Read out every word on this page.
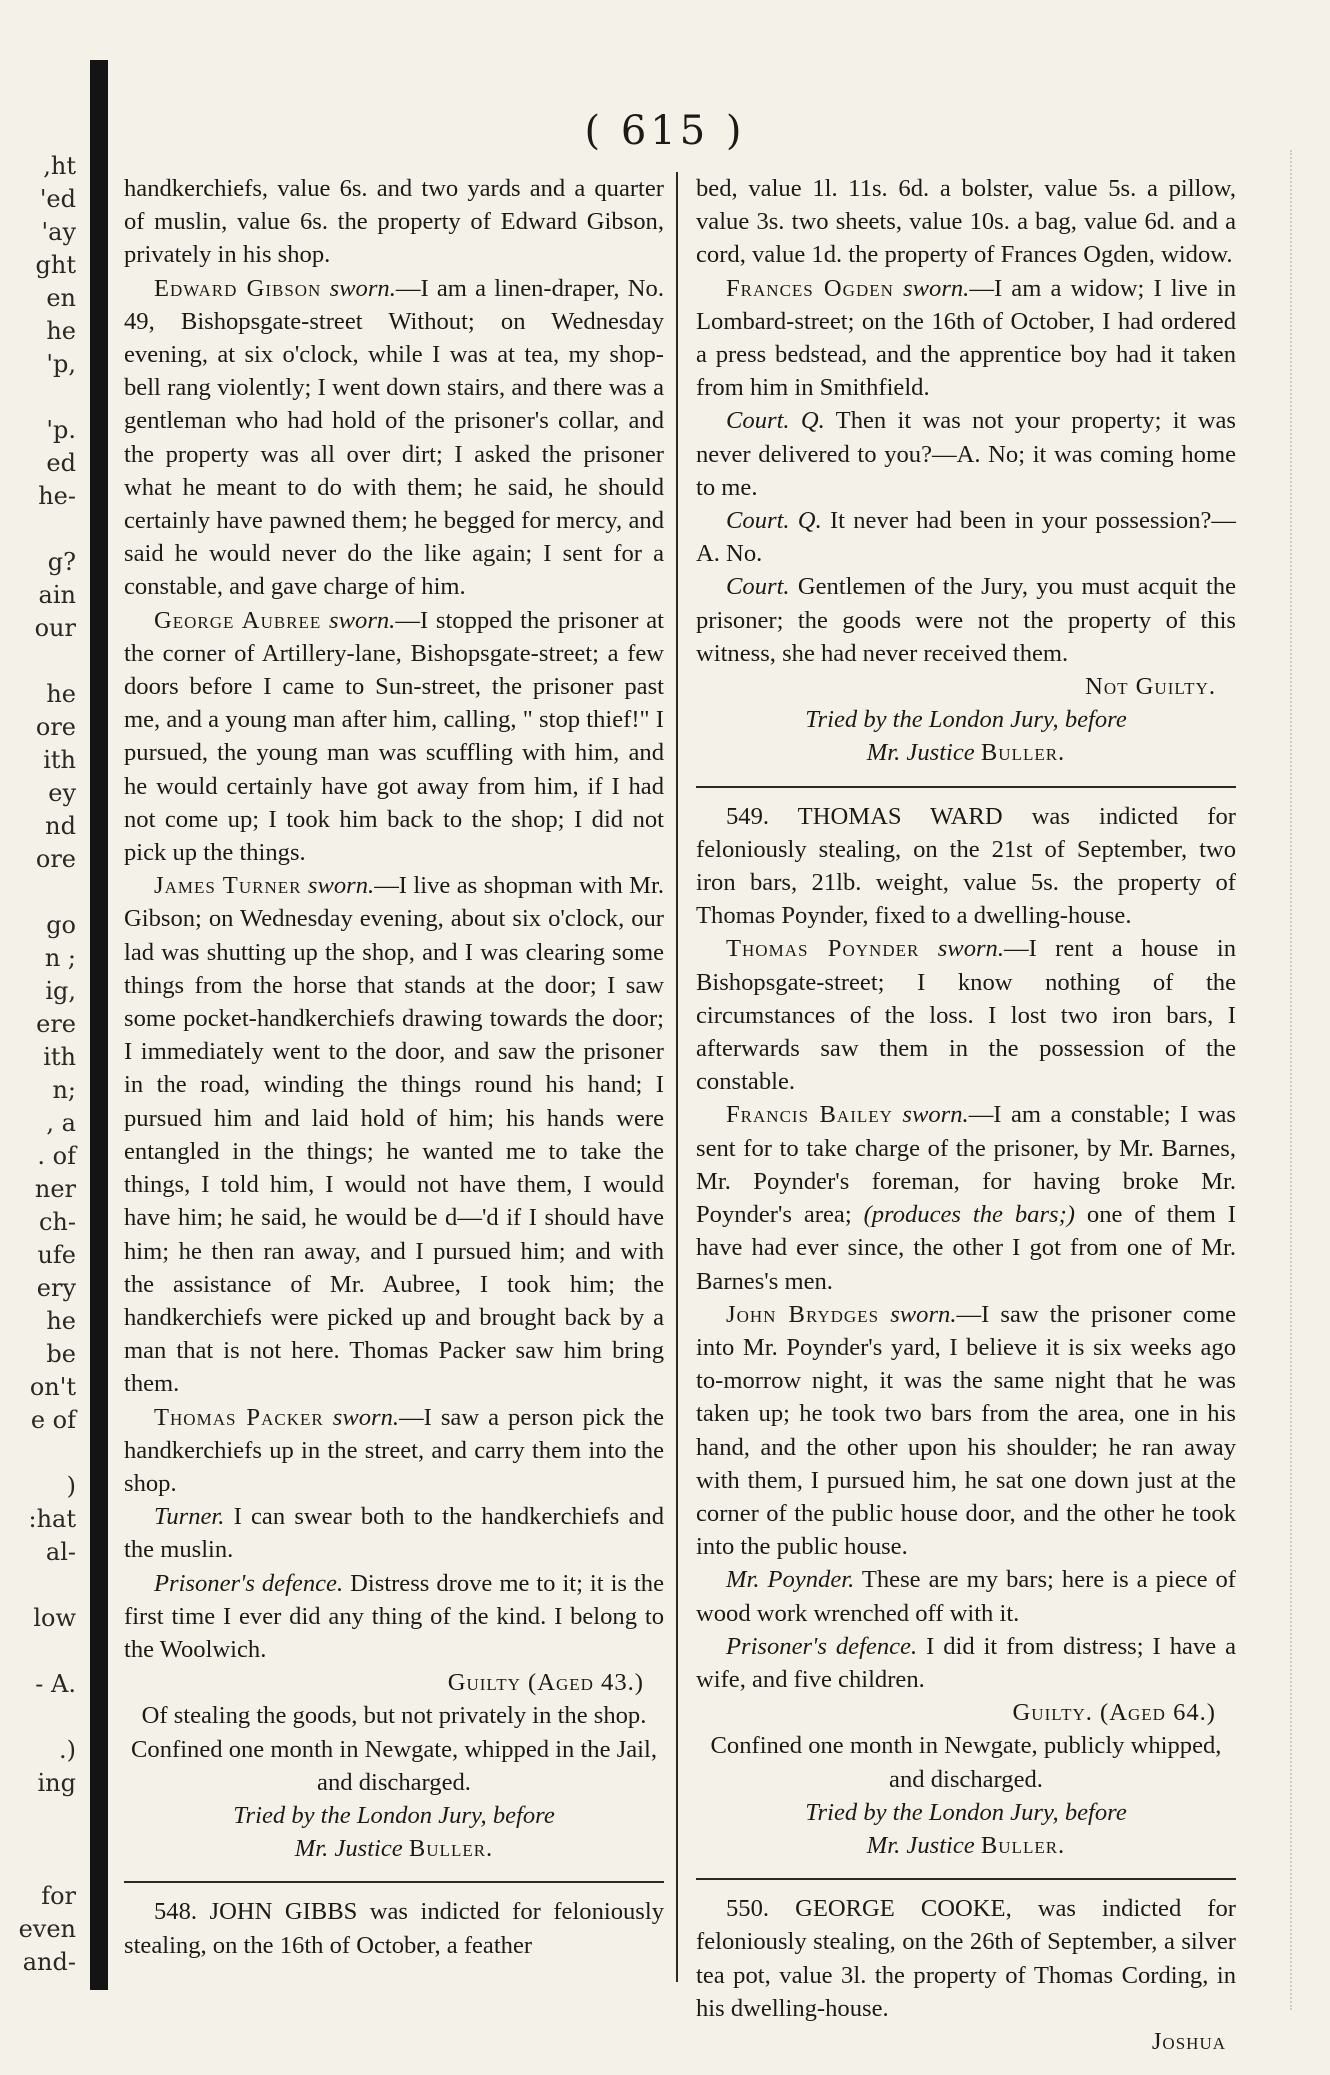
,ht
'ed
'ay
ght
en
he
'p,
'p.
ed
he-
g?
ain
our
he
ore
ith
ey
nd
ore
go
n ;
ig,
ere
ith
n;
, a
. of
ner
ch-
ufe
ery
he
be
on't
e of
)
:hat
al-
low
- A.
.)
ing
for
even
and-
( 615 )

handkerchiefs, value 6s. and two yards and a quarter of muslin, value 6s. the property of Edward Gibson, privately in his shop.

Edward Gibson sworn.—I am a linen-draper, No. 49, Bishopsgate-street Without; on Wednesday evening, at six o'clock, while I was at tea, my shop-bell rang violently; I went down stairs, and there was a gentleman who had hold of the prisoner's collar, and the property was all over dirt; I asked the prisoner what he meant to do with them; he said, he should certainly have pawned them; he begged for mercy, and said he would never do the like again; I sent for a constable, and gave charge of him.

George Aubree sworn.—I stopped the prisoner at the corner of Artillery-lane, Bishopsgate-street; a few doors before I came to Sun-street, the prisoner past me, and a young man after him, calling, " stop thief!" I pursued, the young man was scuffling with him, and he would certainly have got away from him, if I had not come up; I took him back to the shop; I did not pick up the things.

James Turner sworn.—I live as shopman with Mr. Gibson; on Wednesday evening, about six o'clock, our lad was shutting up the shop, and I was clearing some things from the horse that stands at the door; I saw some pocket-handkerchiefs drawing towards the door; I immediately went to the door, and saw the prisoner in the road, winding the things round his hand; I pursued him and laid hold of him; his hands were entangled in the things; he wanted me to take the things, I told him, I would not have them, I would have him; he said, he would be d—'d if I should have him; he then ran away, and I pursued him; and with the assistance of Mr. Aubree, I took him; the handkerchiefs were picked up and brought back by a man that is not here. Thomas Packer saw him bring them.

Thomas Packer sworn.—I saw a person pick the handkerchiefs up in the street, and carry them into the shop.

Turner. I can swear both to the handkerchiefs and the muslin.

Prisoner's defence. Distress drove me to it; it is the first time I ever did any thing of the kind. I belong to the Woolwich.

Guilty (Aged 43.)

Of stealing the goods, but not privately in the shop. Confined one month in Newgate, whipped in the Jail, and discharged.

Tried by the London Jury, before

Mr. Justice Buller.

548. JOHN GIBBS was indicted for feloniously stealing, on the 16th of October, a feather

bed, value 1l. 11s. 6d. a bolster, value 5s. a pillow, value 3s. two sheets, value 10s. a bag, value 6d. and a cord, value 1d. the property of Frances Ogden, widow.

Frances Ogden sworn.—I am a widow; I live in Lombard-street; on the 16th of October, I had ordered a press bedstead, and the apprentice boy had it taken from him in Smithfield.

Court. Q. Then it was not your property; it was never delivered to you?—A. No; it was coming home to me.

Court. Q. It never had been in your possession?—A. No.

Court. Gentlemen of the Jury, you must acquit the prisoner; the goods were not the property of this witness, she had never received them.

Not Guilty.

Tried by the London Jury, before

Mr. Justice Buller.

549. THOMAS WARD was indicted for feloniously stealing, on the 21st of September, two iron bars, 21lb. weight, value 5s. the property of Thomas Poynder, fixed to a dwelling-house.

Thomas Poynder sworn.—I rent a house in Bishopsgate-street; I know nothing of the circumstances of the loss. I lost two iron bars, I afterwards saw them in the possession of the constable.

Francis Bailey sworn.—I am a constable; I was sent for to take charge of the prisoner, by Mr. Barnes, Mr. Poynder's foreman, for having broke Mr. Poynder's area; (produces the bars;) one of them I have had ever since, the other I got from one of Mr. Barnes's men.

John Brydges sworn.—I saw the prisoner come into Mr. Poynder's yard, I believe it is six weeks ago to-morrow night, it was the same night that he was taken up; he took two bars from the area, one in his hand, and the other upon his shoulder; he ran away with them, I pursued him, he sat one down just at the corner of the public house door, and the other he took into the public house.

Mr. Poynder. These are my bars; here is a piece of wood work wrenched off with it.

Prisoner's defence. I did it from distress; I have a wife, and five children.

Guilty. (Aged 64.)

Confined one month in Newgate, publicly whipped, and discharged.

Tried by the London Jury, before

Mr. Justice Buller.

550. GEORGE COOKE, was indicted for feloniously stealing, on the 26th of September, a silver tea pot, value 3l. the property of Thomas Cording, in his dwelling-house.

Joshua
